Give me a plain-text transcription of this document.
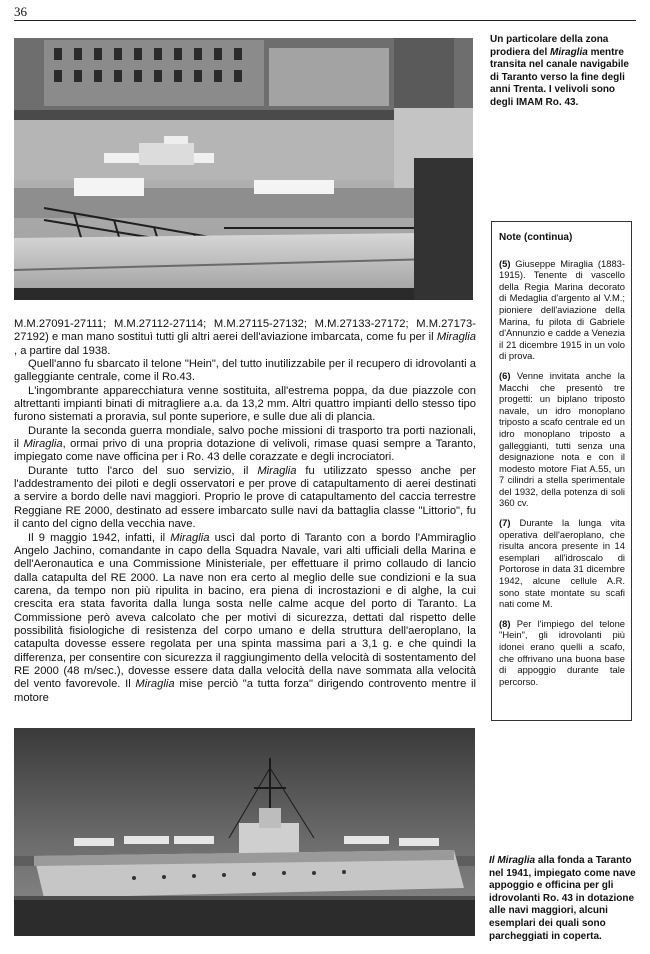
36
Un particolare della zona prodiera del Miraglia mentre transita nel canale navigabile di Taranto verso la fine degli anni Trenta. I velivoli sono degli IMAM Ro. 43.
Note (continua)
(5) Giuseppe Miraglia (1883-1915). Tenente di vascello della Regia Marina decorato di Medaglia d'argento al V.M.; pioniere dell'aviazione della Marina, fu pilota di Gabriele d'Annunzio e cadde a Venezia il 21 dicembre 1915 in un volo di prova.
(6) Venne invitata anche la Macchi che presentò tre progetti: un biplano triposto navale, un idro monoplano triposto a scafo centrale ed un idro monoplano triposto a galleggianti, tutti senza una designazione nota e con il modesto motore Fiat A.55, un 7 cilindri a stella sperimentale del 1932, della potenza di soli 360 cv.
(7) Durante la lunga vita operativa dell'aeroplano, che risulta ancora presente in 14 esemplari all'idroscalo di Portorose in data 31 dicembre 1942, alcune cellule A.R. sono state montate su scafi nati come M.
(8) Per l'impiego del telone "Hein", gli idrovolanti più idonei erano quelli a scafo, che offrivano una buona base di appoggio durante tale percorso.

M.M.27091-27111; M.M.27112-27114; M.M.27115-27132; M.M.27133-27172; M.M.27173-27192) e man mano sostituì tutti gli altri aerei dell'aviazione imbarcata, come fu per il Miraglia , a partire dal 1938.

Quell'anno fu sbarcato il telone "Hein", del tutto inutilizzabile per il recupero di idrovolanti a galleggiante centrale, come il Ro.43.

L'ingombrante apparecchiatura venne sostituita, all'estrema poppa, da due piazzole con altrettanti impianti binati di mitragliere a.a. da 13,2 mm. Altri quattro impianti dello stesso tipo furono sistemati a proravia, sul ponte superiore, e sulle due ali di plancia.

Durante la seconda guerra mondiale, salvo poche missioni di trasporto tra porti nazionali, il Miraglia, ormai privo di una propria dotazione di velivoli, rimase quasi sempre a Taranto, impiegato come nave officina per i Ro. 43 delle corazzate e degli incrociatori.

Durante tutto l'arco del suo servizio, il Miraglia fu utilizzato spesso anche per l'addestramento dei piloti e degli osservatori e per prove di catapultamento di aerei destinati a servire a bordo delle navi maggiori. Proprio le prove di catapultamento del caccia terrestre Reggiane RE 2000, destinato ad essere imbarcato sulle navi da battaglia classe "Littorio", fu il canto del cigno della vecchia nave.

Il 9 maggio 1942, infatti, il Miraglia uscì dal porto di Taranto con a bordo l'Ammiraglio Angelo Jachino, comandante in capo della Squadra Navale, vari alti ufficiali della Marina e dell'Aeronautica e una Commissione Ministeriale, per effettuare il primo collaudo di lancio dalla catapulta del RE 2000. La nave non era certo al meglio delle sue condizioni e la sua carena, da tempo non più ripulita in bacino, era piena di incrostazioni e di alghe, la cui crescita era stata favorita dalla lunga sosta nelle calme acque del porto di Taranto. La Commissione però aveva calcolato che per motivi di sicurezza, dettati dal rispetto delle possibilità fisiologiche di resistenza del corpo umano e della struttura dell'aeroplano, la catapulta dovesse essere regolata per una spinta massima pari a 3,1 g. e che quindi la differenza, per consentire con sicurezza il raggiungimento della velocità di sostentamento del RE 2000 (48 m/sec.), dovesse essere data dalla velocità della nave sommata alla velocità del vento favorevole. Il Miraglia mise perciò "a tutta forza" dirigendo controvento mentre il motore

Il Miraglia alla fonda a Taranto nel 1941, impiegato come nave appoggio e officina per gli idrovolanti Ro. 43 in dotazione alle navi maggiori, alcuni esemplari dei quali sono parcheggiati in coperta.
